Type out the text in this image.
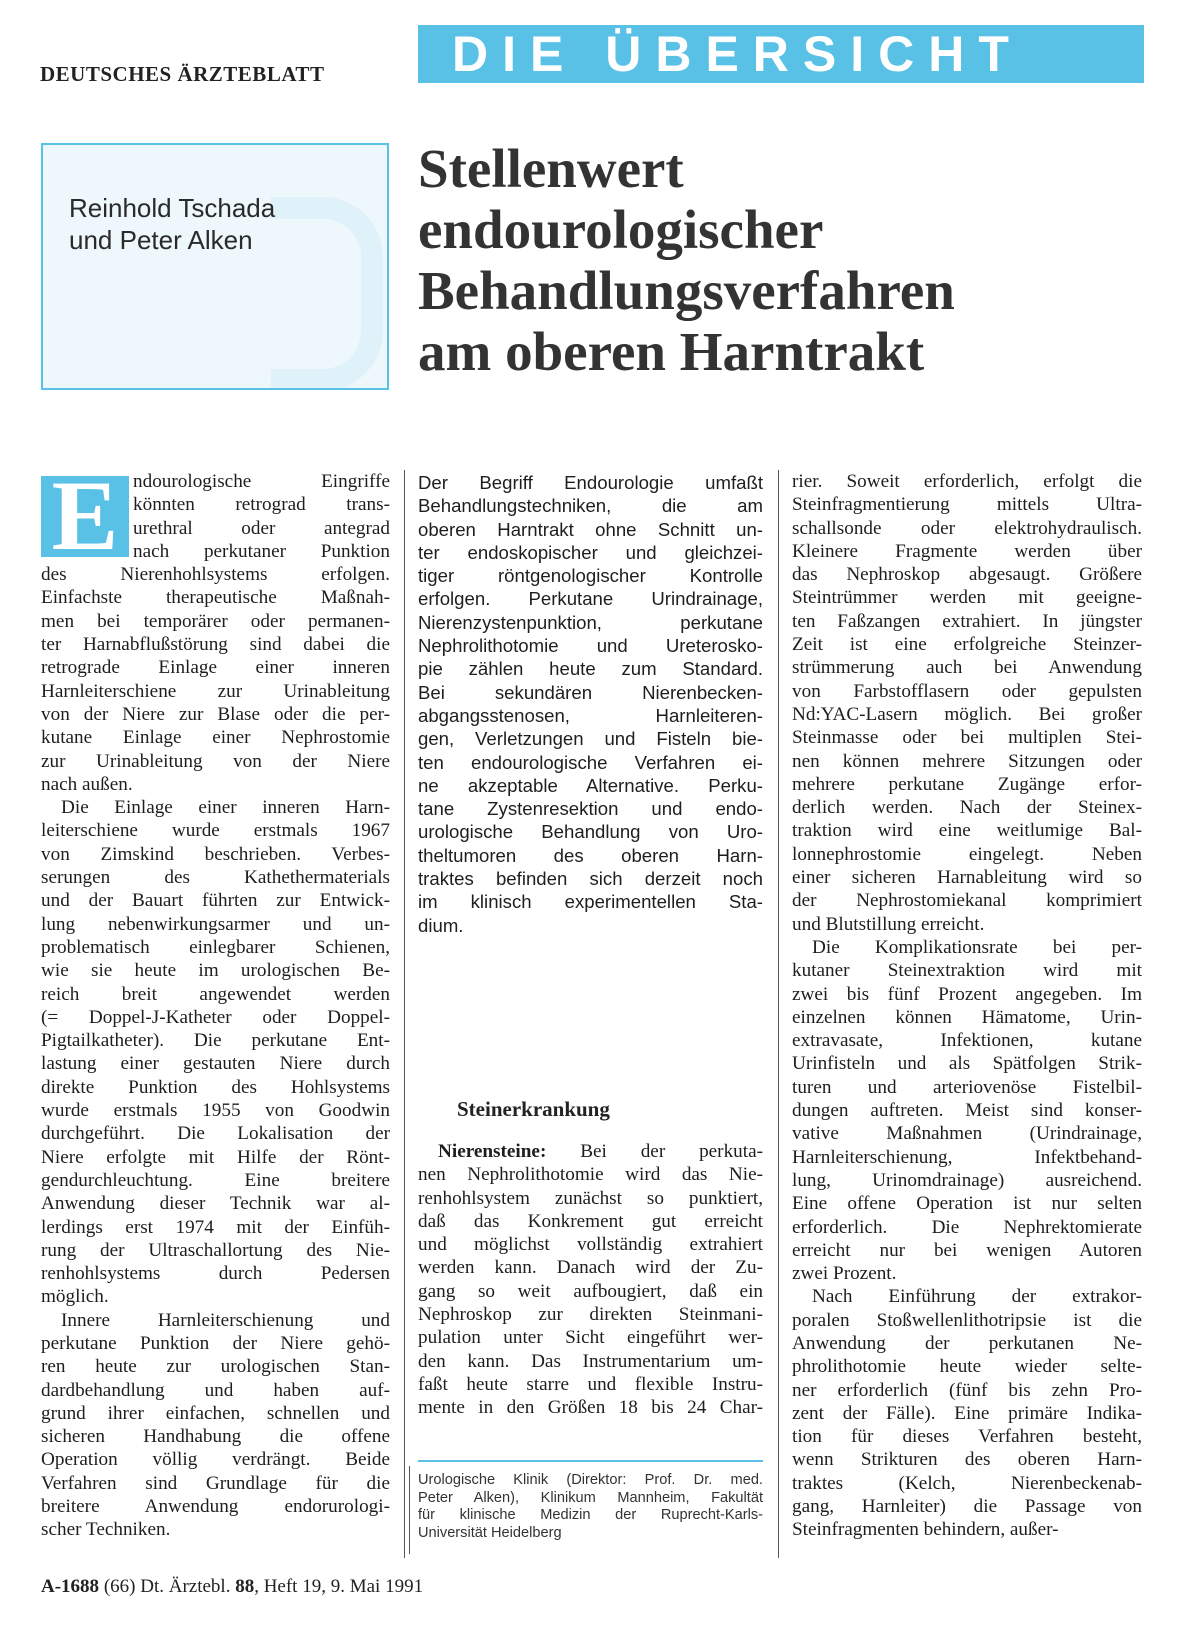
DEUTSCHES ÄRZTEBLATT	DIE ÜBERSICHT
Reinhold Tschada
und Peter Alken
Stellenwert
endourologischer
Behandlungsverfahren
am oberen Harntrakt
E ndourologische Eingriffe
könnten retrograd trans-
urethral oder antegrad
nach perkutaner Punktion
des Nierenhohlsystems erfolgen.
Einfachste therapeutische Maßnah-
men bei temporärer oder permanen-
ter Harnabflußstörung sind dabei die
retrograde Einlage einer inneren
Harnleiterschiene zur Urinableitung
von der Niere zur Blase oder die per-
kutane Einlage einer Nephrostomie
zur Urinableitung von der Niere
nach außen.
Die Einlage einer inneren Harn-
leiterschiene wurde erstmals 1967
von Zimskind beschrieben. Verbes-
serungen des Kathethermaterials
und der Bauart führten zur Entwick-
lung nebenwirkungsarmer und un-
problematisch einlegbarer Schienen,
wie sie heute im urologischen Be-
reich breit angewendet werden
(= Doppel-J-Katheter oder Doppel-
Pigtailkatheter). Die perkutane Ent-
lastung einer gestauten Niere durch
direkte Punktion des Hohlsystems
wurde erstmals 1955 von Goodwin
durchgeführt. Die Lokalisation der
Niere erfolgte mit Hilfe der Rönt-
gendurchleuchtung. Eine breitere
Anwendung dieser Technik war al-
lerdings erst 1974 mit der Einfüh-
rung der Ultraschallortung des Nie-
renhohlsystems durch Pedersen
möglich.
Innere Harnleiterschienung und
perkutane Punktion der Niere gehö-
ren heute zur urologischen Stan-
dardbehandlung und haben auf-
grund ihrer einfachen, schnellen und
sicheren Handhabung die offene
Operation völlig verdrängt. Beide
Verfahren sind Grundlage für die
breitere Anwendung endorurologi-
scher Techniken.
Der Begriff Endourologie umfaßt
Behandlungstechniken, die am
oberen Harntrakt ohne Schnitt un-
ter endoskopischer und gleichzei-
tiger röntgenologischer Kontrolle
erfolgen. Perkutane Urindrainage,
Nierenzystenpunktion, perkutane
Nephrolithotomie und Ureterosko-
pie zählen heute zum Standard.
Bei sekundären Nierenbecken-
abgangsstenosen, Harnleiteren-
gen, Verletzungen und Fisteln bie-
ten endourologische Verfahren ei-
ne akzeptable Alternative. Perku-
tane Zystenresektion und endo-
urologische Behandlung von Uro-
theltumoren des oberen Harn-
traktes befinden sich derzeit noch
im klinisch experimentellen Sta-
dium.
Steinerkrankung
Nierensteine: Bei der perkuta-
nen Nephrolithotomie wird das Nie-
renhohlsystem zunächst so punktiert,
daß das Konkrement gut erreicht
und möglichst vollständig extrahiert
werden kann. Danach wird der Zu-
gang so weit aufbougiert, daß ein
Nephroskop zur direkten Steinmani-
pulation unter Sicht eingeführt wer-
den kann. Das Instrumentarium um-
faßt heute starre und flexible Instru-
mente in den Größen 18 bis 24 Char-
Urologische Klinik (Direktor: Prof. Dr. med.
Peter Alken), Klinikum Mannheim, Fakultät
für klinische Medizin der Ruprecht-Karls-
Universität Heidelberg
rier. Soweit erforderlich, erfolgt die
Steinfragmentierung mittels Ultra-
schallsonde oder elektrohydraulisch.
Kleinere Fragmente werden über
das Nephroskop abgesaugt. Größere
Steintrümmer werden mit geeigne-
ten Faßzangen extrahiert. In jüngster
Zeit ist eine erfolgreiche Steinzer-
strümmerung auch bei Anwendung
von Farbstofflasern oder gepulsten
Nd:YAC-Lasern möglich. Bei großer
Steinmasse oder bei multiplen Stei-
nen können mehrere Sitzungen oder
mehrere perkutane Zugänge erfor-
derlich werden. Nach der Steinex-
traktion wird eine weitlumige Bal-
lonnephrostomie eingelegt. Neben
einer sicheren Harnableitung wird so
der Nephrostomiekanal komprimiert
und Blutstillung erreicht.
Die Komplikationsrate bei per-
kutaner Steinextraktion wird mit
zwei bis fünf Prozent angegeben. Im
einzelnen können Hämatome, Urin-
extravasate, Infektionen, kutane
Urinfisteln und als Spätfolgen Strik-
turen und arteriovenöse Fistelbil-
dungen auftreten. Meist sind konser-
vative Maßnahmen (Urindrainage,
Harnleiterschienung, Infektbehand-
lung, Urinomdrainage) ausreichend.
Eine offene Operation ist nur selten
erforderlich. Die Nephrektomierate
erreicht nur bei wenigen Autoren
zwei Prozent.
Nach Einführung der extrakor-
poralen Stoßwellenlithotripsie ist die
Anwendung der perkutanen Ne-
phrolithotomie heute wieder selte-
ner erforderlich (fünf bis zehn Pro-
zent der Fälle). Eine primäre Indika-
tion für dieses Verfahren besteht,
wenn Strikturen des oberen Harn-
traktes (Kelch, Nierenbeckenab-
gang, Harnleiter) die Passage von
Steinfragmenten behindern, außer-
A-1688 (66) Dt. Ärztebl. 88, Heft 19, 9. Mai 1991
